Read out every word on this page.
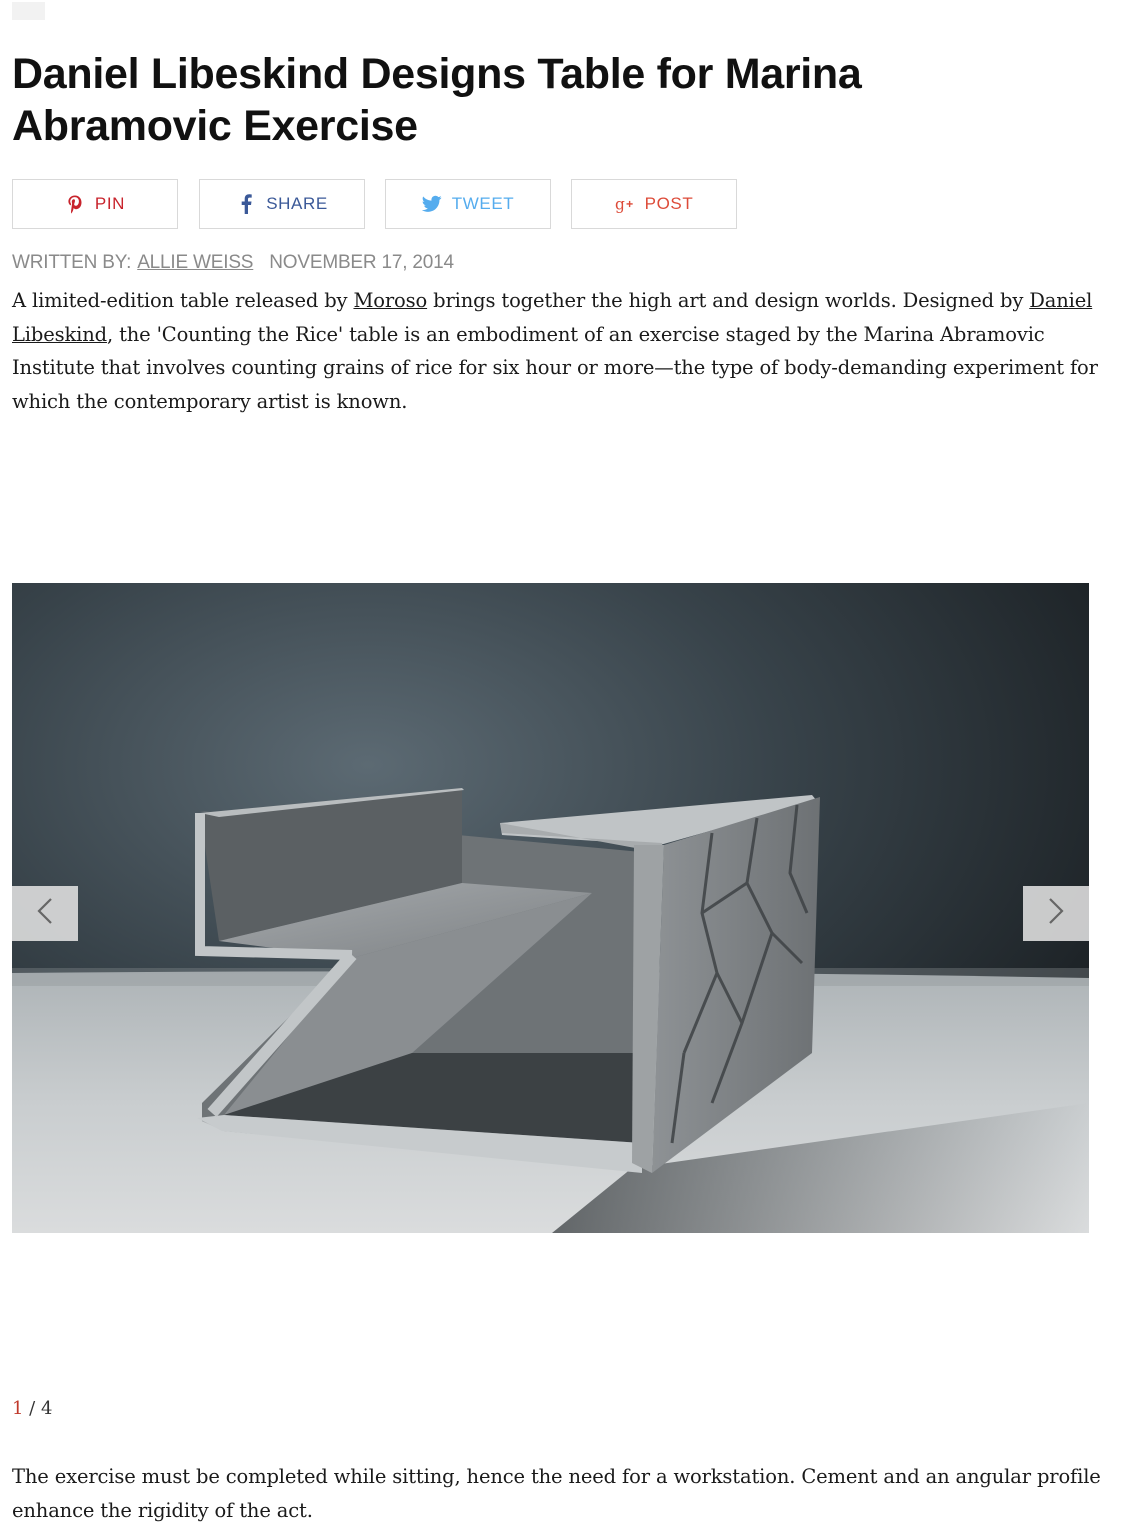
Daniel Libeskind Designs Table for Marina Abramovic Exercise
PIN	SHARE	TWEET	g POST
WRITTEN BY: ALLIE WEISS NOVEMBER 17, 2014

A limited-edition table released by Moroso brings together the high art and design worlds. Designed by Daniel Libeskind, the 'Counting the Rice' table is an embodiment of an exercise staged by the Marina Abramovic Institute that involves counting grains of rice for six hour or more—the type of body-demanding experiment for which the contemporary artist is known.

1 / 4

The exercise must be completed while sitting, hence the need for a workstation. Cement and an angular profile enhance the rigidity of the act.
